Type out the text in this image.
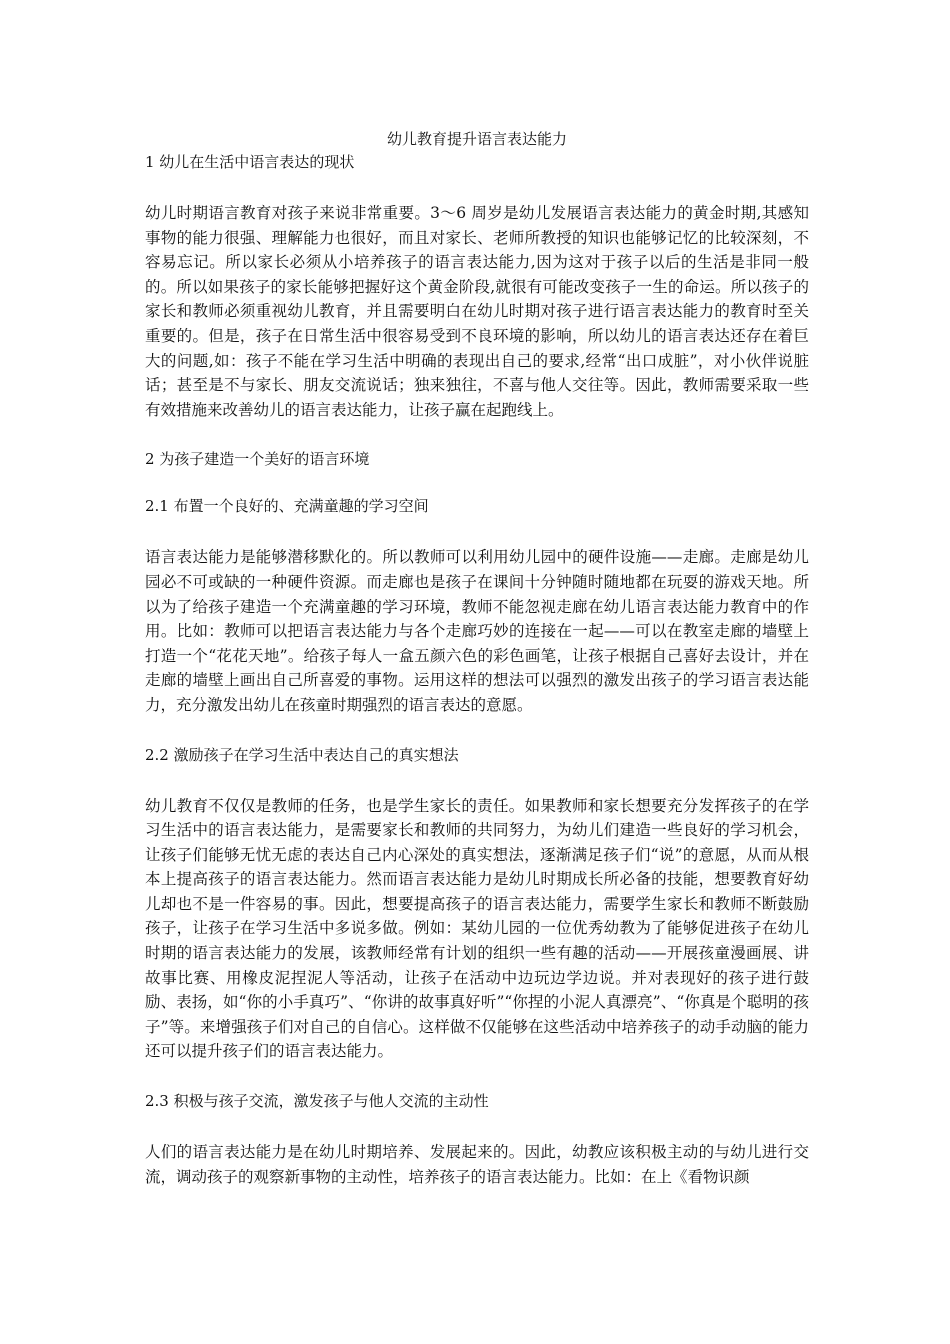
幼儿教育提升语言表达能力
1 幼儿在生活中语言表达的现状

幼儿时期语言教育对孩子来说非常重要。3～6 周岁是幼儿发展语言表达能力的黄金时期,其感知事物的能力很强、理解能力也很好，而且对家长、老师所教授的知识也能够记忆的比较深刻，不容易忘记。所以家长必须从小培养孩子的语言表达能力,因为这对于孩子以后的生活是非同一般的。所以如果孩子的家长能够把握好这个黄金阶段,就很有可能改变孩子一生的命运。所以孩子的家长和教师必须重视幼儿教育，并且需要明白在幼儿时期对孩子进行语言表达能力的教育时至关重要的。但是，孩子在日常生活中很容易受到不良环境的影响，所以幼儿的语言表达还存在着巨大的问题,如：孩子不能在学习生活中明确的表现出自己的要求,经常“出口成脏”，对小伙伴说脏话；甚至是不与家长、朋友交流说话；独来独往，不喜与他人交往等。因此，教师需要采取一些有效措施来改善幼儿的语言表达能力，让孩子赢在起跑线上。

2 为孩子建造一个美好的语言环境
2.1 布置一个良好的、充满童趣的学习空间

语言表达能力是能够潜移默化的。所以教师可以利用幼儿园中的硬件设施——走廊。走廊是幼儿园必不可或缺的一种硬件资源。而走廊也是孩子在课间十分钟随时随地都在玩耍的游戏天地。所以为了给孩子建造一个充满童趣的学习环境，教师不能忽视走廊在幼儿语言表达能力教育中的作用。比如：教师可以把语言表达能力与各个走廊巧妙的连接在一起——可以在教室走廊的墙壁上打造一个“花花天地”。给孩子每人一盒五颜六色的彩色画笔，让孩子根据自己喜好去设计，并在走廊的墙壁上画出自己所喜爱的事物。运用这样的想法可以强烈的激发出孩子的学习语言表达能力，充分激发出幼儿在孩童时期强烈的语言表达的意愿。

2.2 激励孩子在学习生活中表达自己的真实想法

幼儿教育不仅仅是教师的任务，也是学生家长的责任。如果教师和家长想要充分发挥孩子的在学习生活中的语言表达能力，是需要家长和教师的共同努力，为幼儿们建造一些良好的学习机会，让孩子们能够无忧无虑的表达自己内心深处的真实想法，逐渐满足孩子们“说”的意愿，从而从根本上提高孩子的语言表达能力。然而语言表达能力是幼儿时期成长所必备的技能，想要教育好幼儿却也不是一件容易的事。因此，想要提高孩子的语言表达能力，需要学生家长和教师不断鼓励孩子，让孩子在学习生活中多说多做。例如：某幼儿园的一位优秀幼教为了能够促进孩子在幼儿时期的语言表达能力的发展，该教师经常有计划的组织一些有趣的活动——开展孩童漫画展、讲故事比赛、用橡皮泥捏泥人等活动，让孩子在活动中边玩边学边说。并对表现好的孩子进行鼓励、表扬，如“你的小手真巧”、“你讲的故事真好听”“你捏的小泥人真漂亮”、“你真是个聪明的孩子”等。来增强孩子们对自己的自信心。这样做不仅能够在这些活动中培养孩子的动手动脑的能力还可以提升孩子们的语言表达能力。

2.3 积极与孩子交流，激发孩子与他人交流的主动性

人们的语言表达能力是在幼儿时期培养、发展起来的。因此，幼教应该积极主动的与幼儿进行交流，调动孩子的观察新事物的主动性，培养孩子的语言表达能力。比如：在上《看物识颜
